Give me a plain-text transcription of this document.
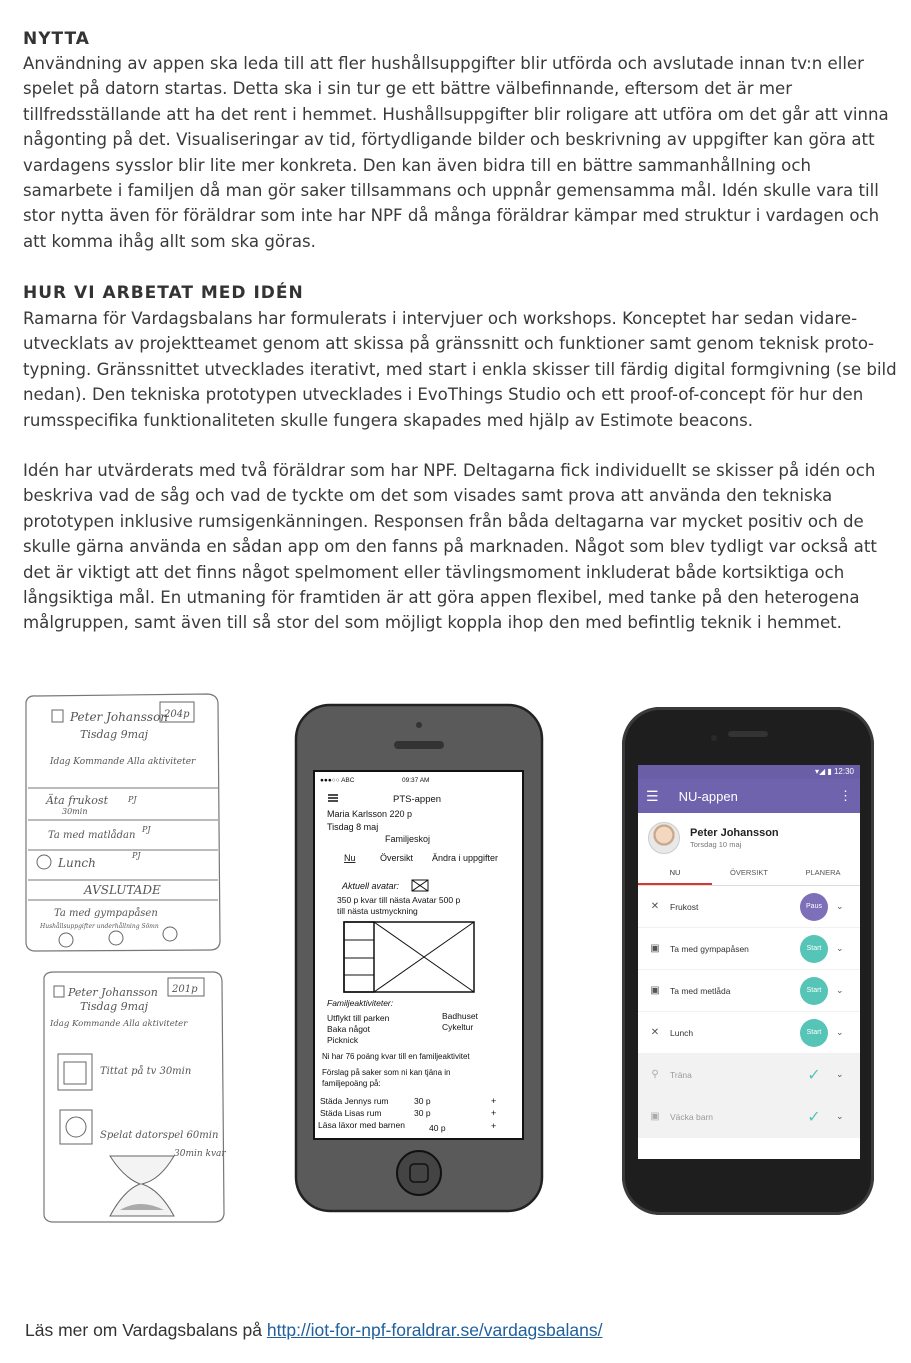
NYTTA

Användning av appen ska leda till att fler hushållsuppgifter blir utförda och avslutade innan tv:n eller spelet på datorn startas. Detta ska i sin tur ge ett bättre välbefinnande, eftersom det är mer tillfredsställande att ha det rent i hemmet. Hushållsuppgifter blir roligare att utföra om det går att vinna någonting på det. Visualiseringar av tid, förtydligande bilder och beskrivning av uppgifter kan göra att vardagens sysslor blir lite mer konkreta. Den kan även bidra till en bättre sammanhållning och samarbete i familjen då man gör saker tillsammans och uppnår gemensamma mål. Idén skulle vara till stor nytta även för föräldrar som inte har NPF då många föräldrar kämpar med struktur i vardagen och att komma ihåg allt som ska göras.

HUR VI ARBETAT MED IDÉN

Ramarna för Vardagsbalans har formulerats i intervjuer och workshops. Konceptet har sedan vidareutvecklats av projektteamet genom att skissa på gränssnitt och funktioner samt genom teknisk prototypning. Gränssnittet utvecklades iterativt, med start i enkla skisser till färdig digital formgivning (se bild nedan). Den tekniska prototypen utvecklades i EvoThings Studio och ett proof-of-concept för hur den rumsspecifika funktionaliteten skulle fungera skapades med hjälp av Estimote beacons.

Idén har utvärderats med två föräldrar som har NPF. Deltagarna fick individuellt se skisser på idén och beskriva vad de såg och vad de tyckte om det som visades samt prova att använda den tekniska prototypen inklusive rumsigenkänningen. Responsen från båda deltagarna var mycket positiv och de skulle gärna använda en sådan app om den fanns på marknaden. Något som blev tydligt var också att det är viktigt att det finns något spelmoment eller tävlingsmoment inkluderat både kortsiktiga och långsiktiga mål. En utmaning för framtiden är att göra appen flexibel, med tanke på den heterogena målgruppen, samt även till så stor del som möjligt koppla ihop den med befintlig teknik i hemmet.

Peter Johansson
204p
Tisdag 9maj
Idag Kommande Alla aktiviteter
Äta frukost
30min
PJ
Ta med matlådan
PJ
Lunch
PJ
AVSLUTADE
Ta med gympapåsen
Hushållsuppgifter underhållning Sömn
Peter Johansson 201p
Tisdag 9maj
Idag Kommande Alla aktiviteter
Tittat på tv 30min
Spelat datorspel 60min
30min kvar
●●●○○ ABC	09:37 AM
PTS-appen
Maria Karlsson 220 p
Tisdag 8 maj
Familjeskoj
Nu	Översikt Ändra i uppgifter
Aktuell avatar:
350 p kvar till nästa Avatar 500 p
till nästa ustmyckning
Familjeaktiviteter:
Utflykt till parken
Baka något
Picknick
Badhuset
Cykeltur
Ni har 76 poäng kvar till en familjeaktivitet
Förslag på saker som ni kan tjäna in
familjepoäng på:
Städa Jennys rum	30 p	+
Städa Lisas rum	30 p	+
Läsa läxor med barnen	40 p	+
▾◢ ▮ 12:30
☰ NU-appen	⋮
Peter Johansson
Torsdag 10 maj
NU	ÖVERSIKT	PLANERA
✕	Frukost	Paus	⌄
▣ Ta med gympapåsen	Start	⌄
▣ Ta med metlåda	Start	⌄
✕	Lunch	Start	⌄
⚲	Träna	✓	⌄
▣ Väcka barn	✓	⌄
Läs mer om Vardagsbalans på http://iot-for-npf-foraldrar.se/vardagsbalans/
